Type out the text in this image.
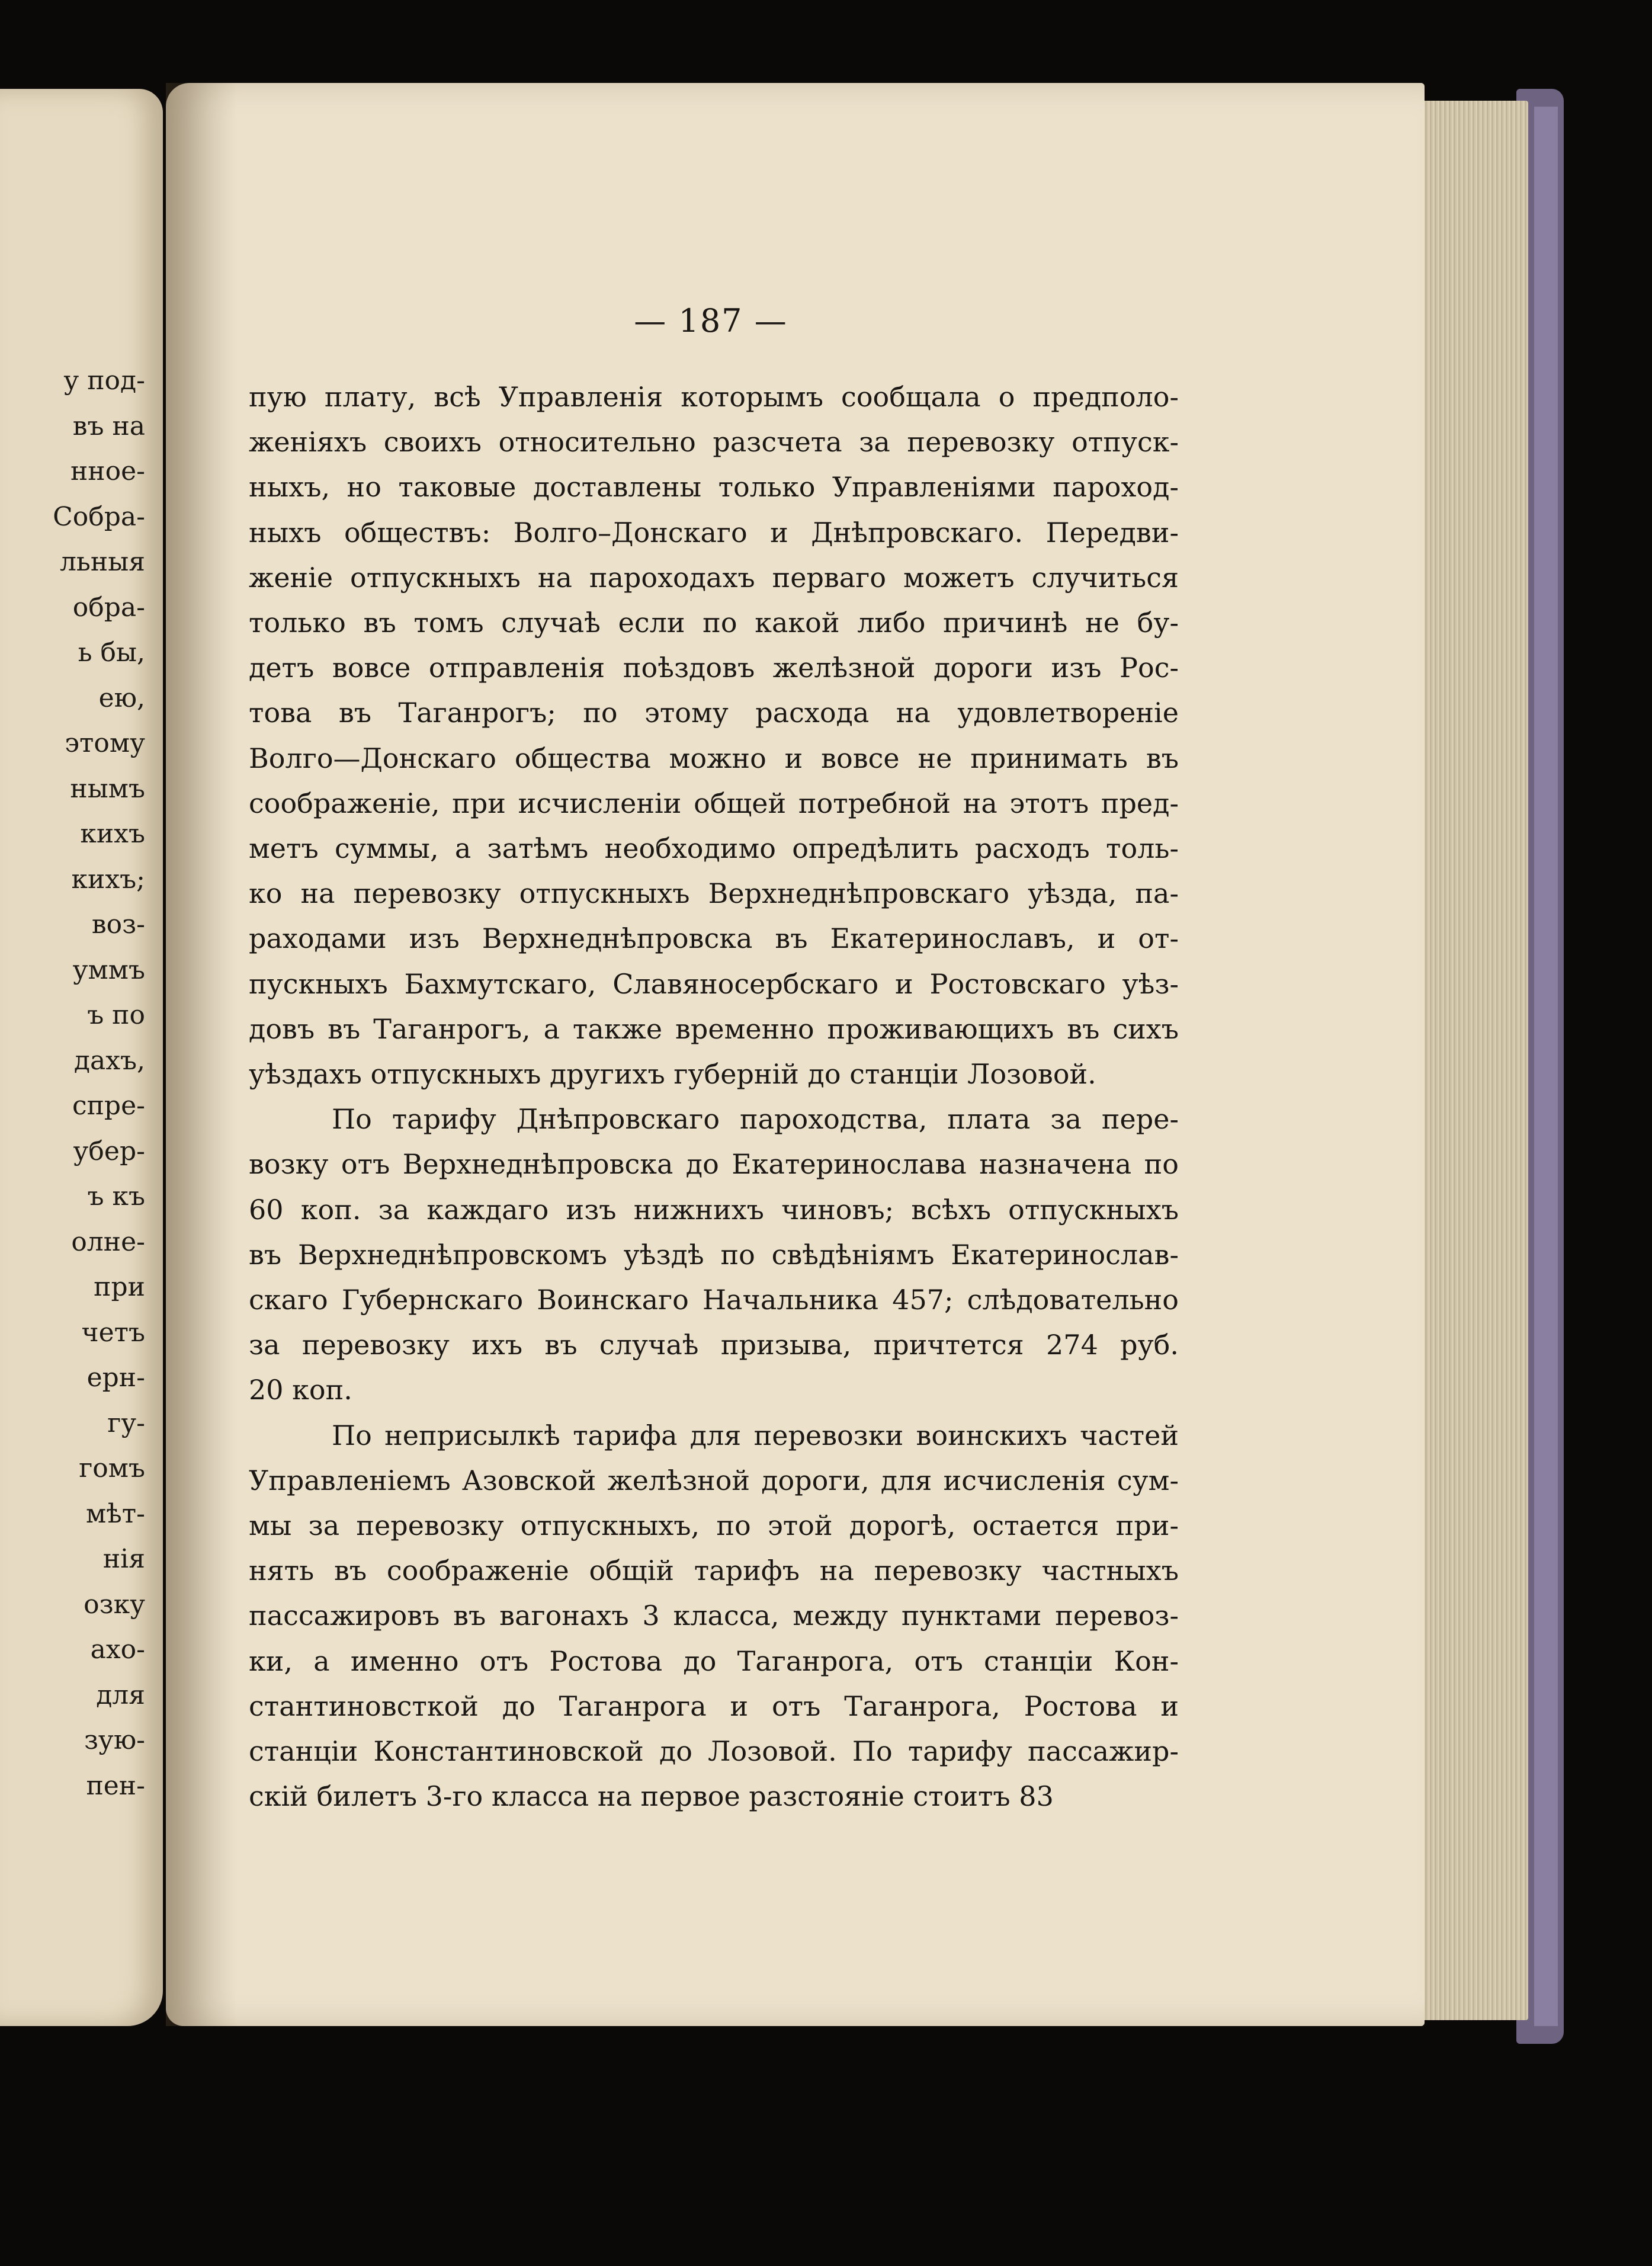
у под-
въ на
нное-
Собра-
льныя
обра-
ь бы,
ею,
этому
нымъ
кихъ
кихъ;
воз-
уммъ
ъ по
дахъ,
спре-
убер-
ъ къ
олне-
при
четъ
ерн-
гу-
гомъ
мѣт-
нія
озку
ахо-
для
зую-
пен-
— 187 —
пую плату, всѣ Управленія которымъ сообщала о предполо-
женіяхъ своихъ относительно разсчета за перевозку отпуск-
ныхъ, но таковые доставлены только Управленіями пароход-
ныхъ обществъ: Волго–Донскаго и Днѣпровскаго. Передви-
женіе отпускныхъ на пароходахъ перваго можетъ случиться
только въ томъ случаѣ если по какой либо причинѣ не бу-
детъ вовсе отправленія поѣздовъ желѣзной дороги изъ Рос-
това въ Таганрогъ; по этому расхода на удовлетвореніе
Волго—Донскаго общества можно и вовсе не принимать въ
соображеніе, при исчисленіи общей потребной на этотъ пред-
метъ суммы, а затѣмъ необходимо опредѣлить расходъ толь-
ко на перевозку отпускныхъ Верхнеднѣпровскаго уѣзда, па-
раходами изъ Верхнеднѣпровска въ Екатеринославъ, и от-
пускныхъ Бахмутскаго, Славяносербскаго и Ростовскаго уѣз-
довъ въ Таганрогъ, а также временно проживающихъ въ сихъ
уѣздахъ отпускныхъ другихъ губерній до станціи Лозовой.
По тарифу Днѣпровскаго пароходства, плата за пере-
возку отъ Верхнеднѣпровска до Екатеринослава назначена по
60 коп. за каждаго изъ нижнихъ чиновъ; всѣхъ отпускныхъ
въ Верхнеднѣпровскомъ уѣздѣ по свѣдѣніямъ Екатеринослав-
скаго Губернскаго Воинскаго Начальника 457; слѣдовательно
за перевозку ихъ въ случаѣ призыва, причтется 274 руб.
20 коп.
По неприсылкѣ тарифа для перевозки воинскихъ частей
Управленіемъ Азовской желѣзной дороги, для исчисленія сум-
мы за перевозку отпускныхъ, по этой дорогѣ, остается при-
нять въ соображеніе общій тарифъ на перевозку частныхъ
пассажировъ въ вагонахъ 3 класса, между пунктами перевоз-
ки, а именно отъ Ростова до Таганрога, отъ станціи Кон-
стантиновсткой до Таганрога и отъ Таганрога, Ростова и
станціи Константиновской до Лозовой. По тарифу пассажир-
скій билетъ 3-го класса на первое разстояніе стоитъ 83
